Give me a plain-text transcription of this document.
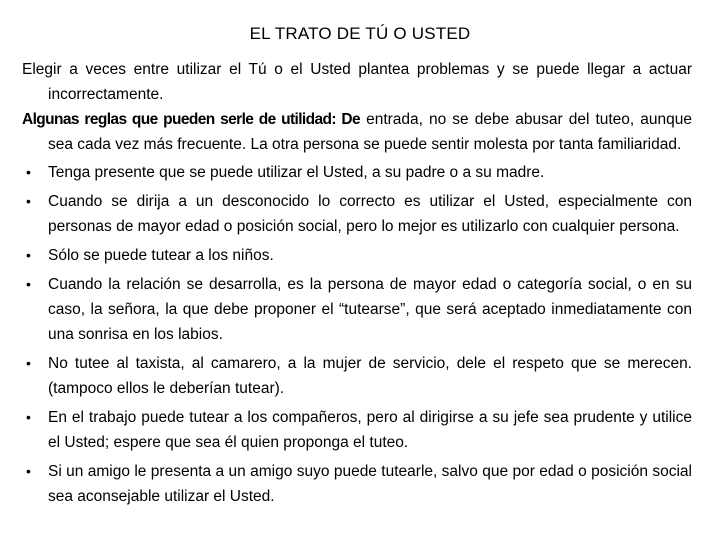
EL TRATO DE TÚ O USTED

Elegir a veces entre utilizar el Tú o el Usted plantea problemas y se puede llegar a actuar incorrectamente.

Algunas reglas que pueden serle de utilidad: De entrada, no se debe abusar del tuteo, aunque sea cada vez más frecuente. La otra persona se puede sentir molesta por tanta familiaridad.

• Tenga presente que se puede utilizar el Usted, a su padre o a su madre.
• Cuando se dirija a un desconocido lo correcto es utilizar el Usted, especialmente con personas de mayor edad o posición social, pero lo mejor es utilizarlo con cualquier persona.
• Sólo se puede tutear a los niños.
• Cuando la relación se desarrolla, es la persona de mayor edad o categoría social, o en su caso, la señora, la que debe proponer el “tutearse”, que será aceptado inmediatamente con una sonrisa en los labios.
• No tutee al taxista, al camarero, a la mujer de servicio, dele el respeto que se merecen.(tampoco ellos le deberían tutear).
• En el trabajo puede tutear a los compañeros, pero al dirigirse a su jefe sea prudente y utilice el Usted; espere que sea él quien proponga el tuteo.
• Si un amigo le presenta a un amigo suyo puede tutearle, salvo que por edad o posición social sea aconsejable utilizar el Usted.
